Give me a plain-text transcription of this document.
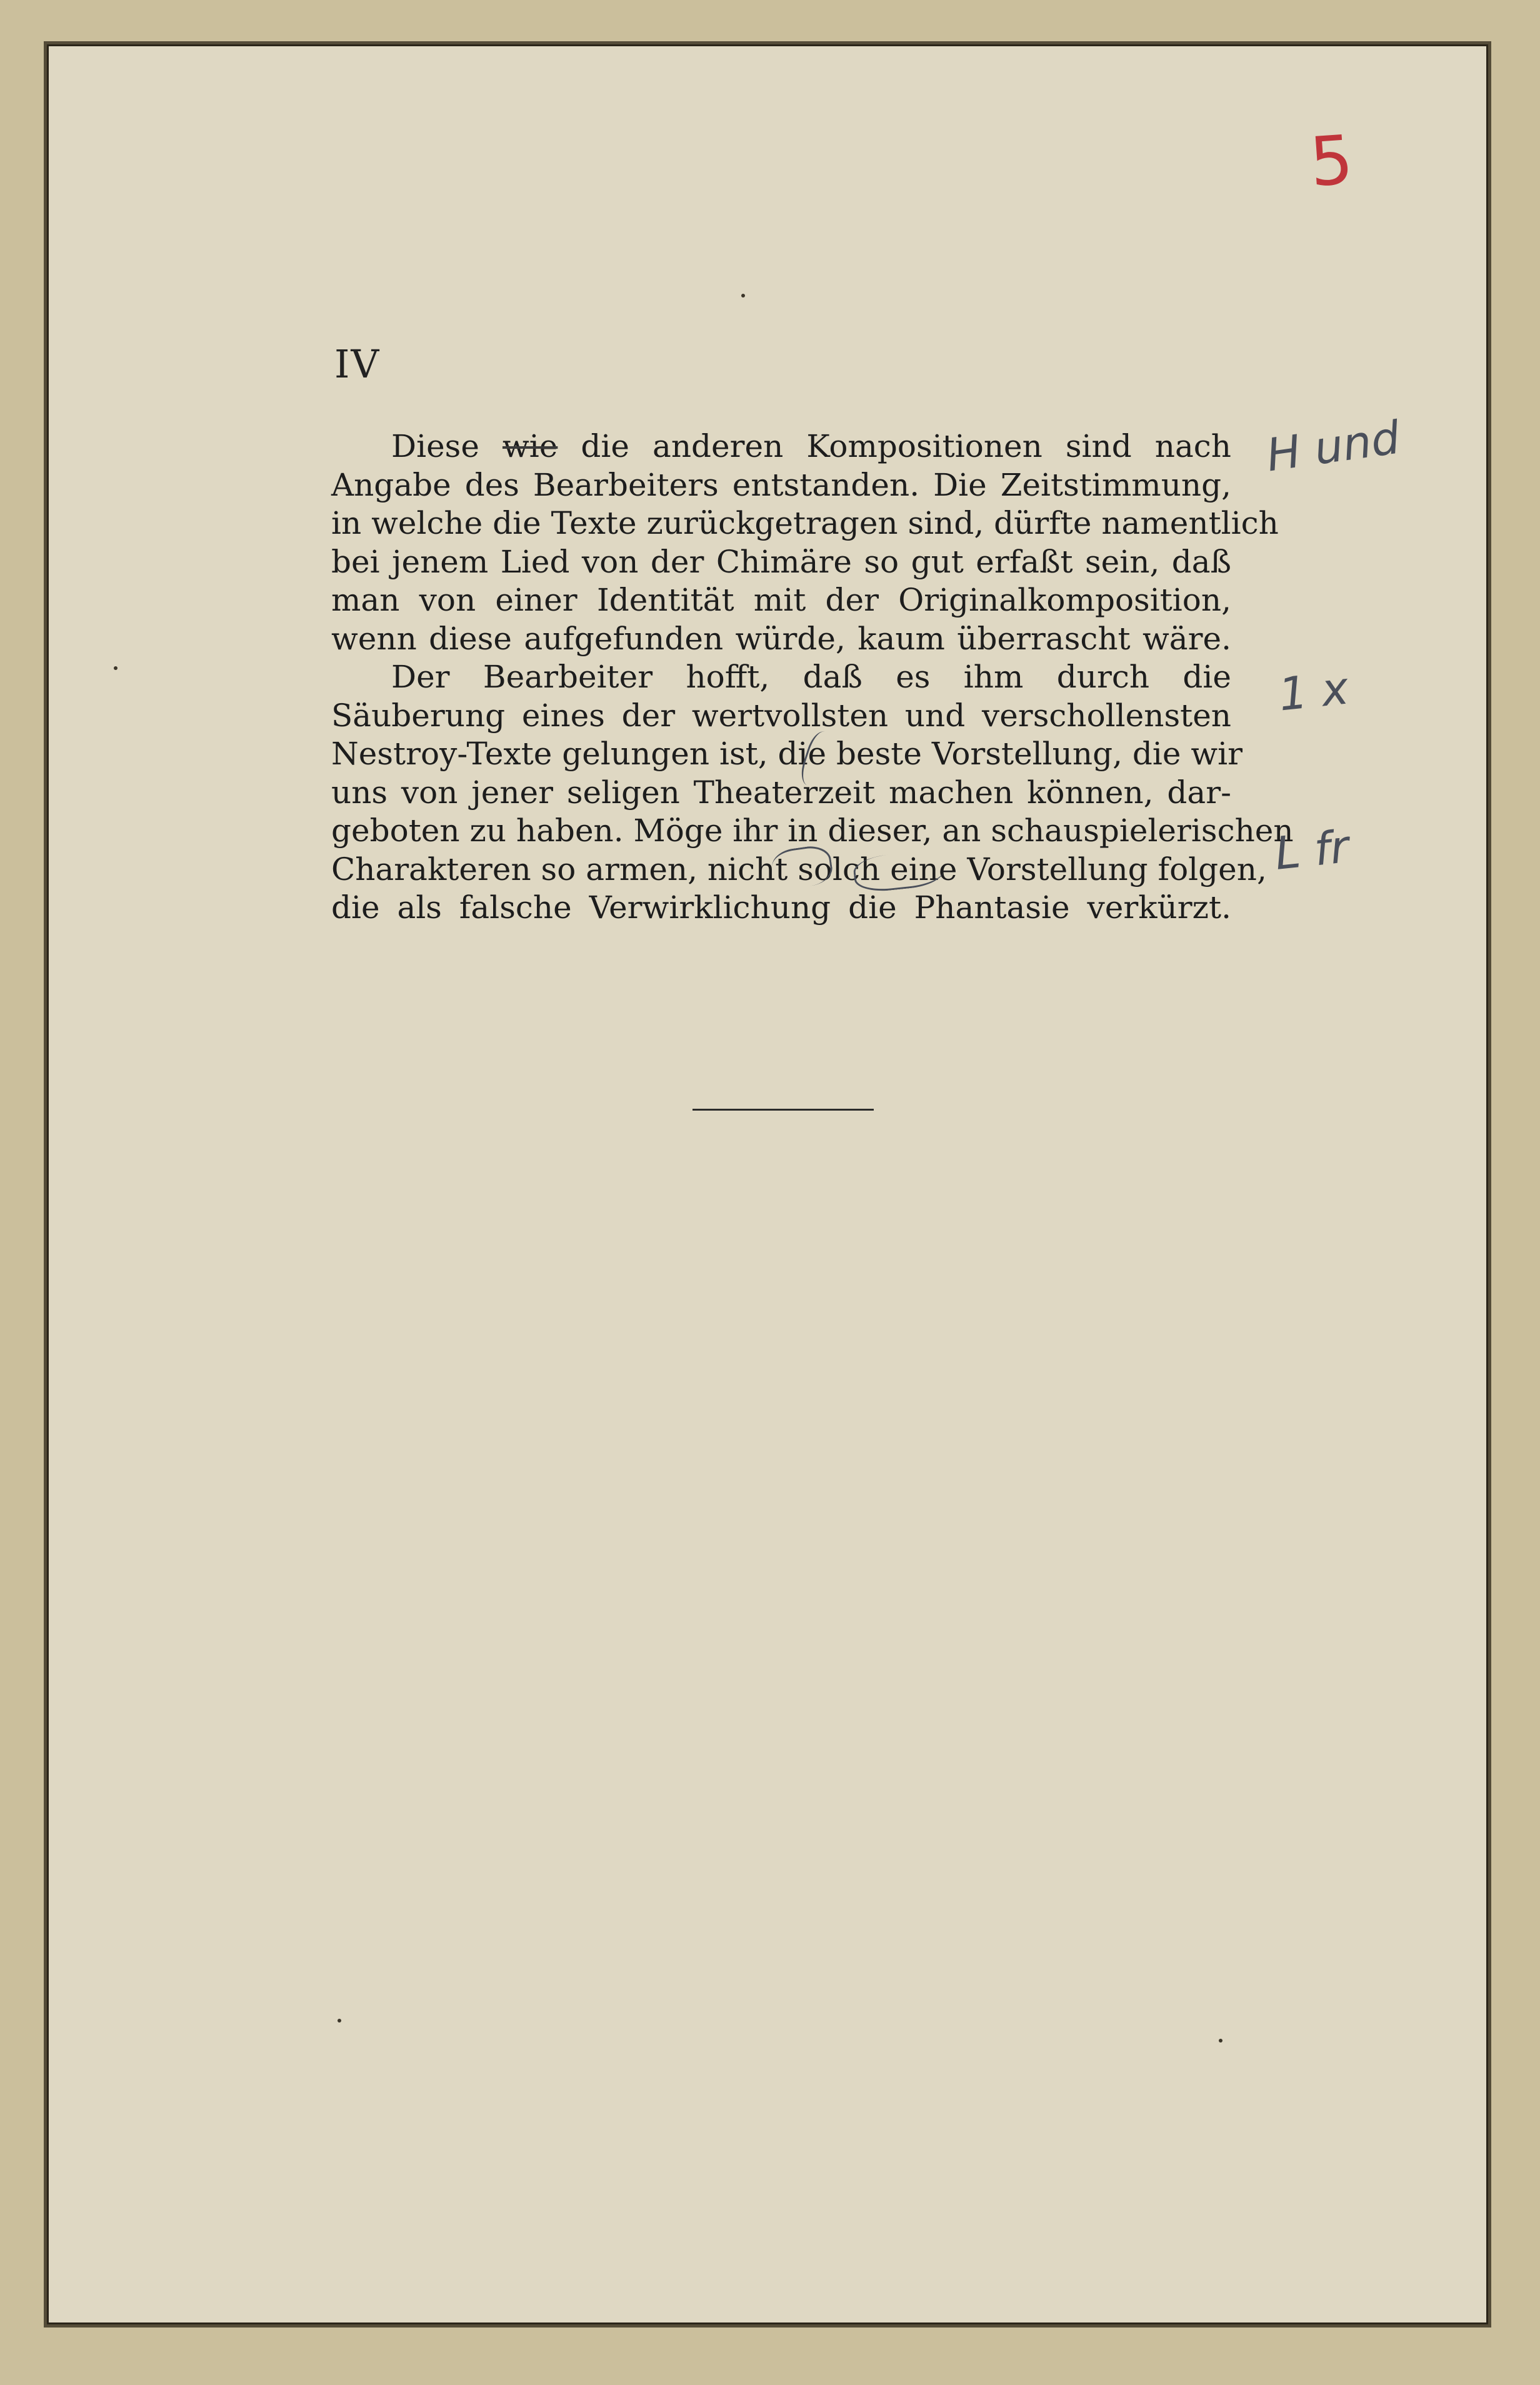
5
IV
Diese wie die anderen Kompositionen sind nach
Angabe des Bearbeiters entstanden. Die Zeitstimmung,
in welche die Texte zurückgetragen sind, dürfte namentlich
bei jenem Lied von der Chimäre so gut erfaßt sein, daß
man von einer Identität mit der Originalkomposition,
wenn diese aufgefunden würde, kaum überrascht wäre.
Der Bearbeiter hofft, daß es ihm durch die
Säuberung eines der wertvollsten und verschollensten
Nestroy-Texte gelungen ist, die beste Vorstellung, die wir
uns von jener seligen Theaterzeit machen können, dar-
geboten zu haben. Möge ihr in dieser, an schauspielerischen
Charakteren so armen, nicht solch eine Vorstellung folgen,
die als falsche Verwirklichung die Phantasie verkürzt.
H und
1 x
L fr
